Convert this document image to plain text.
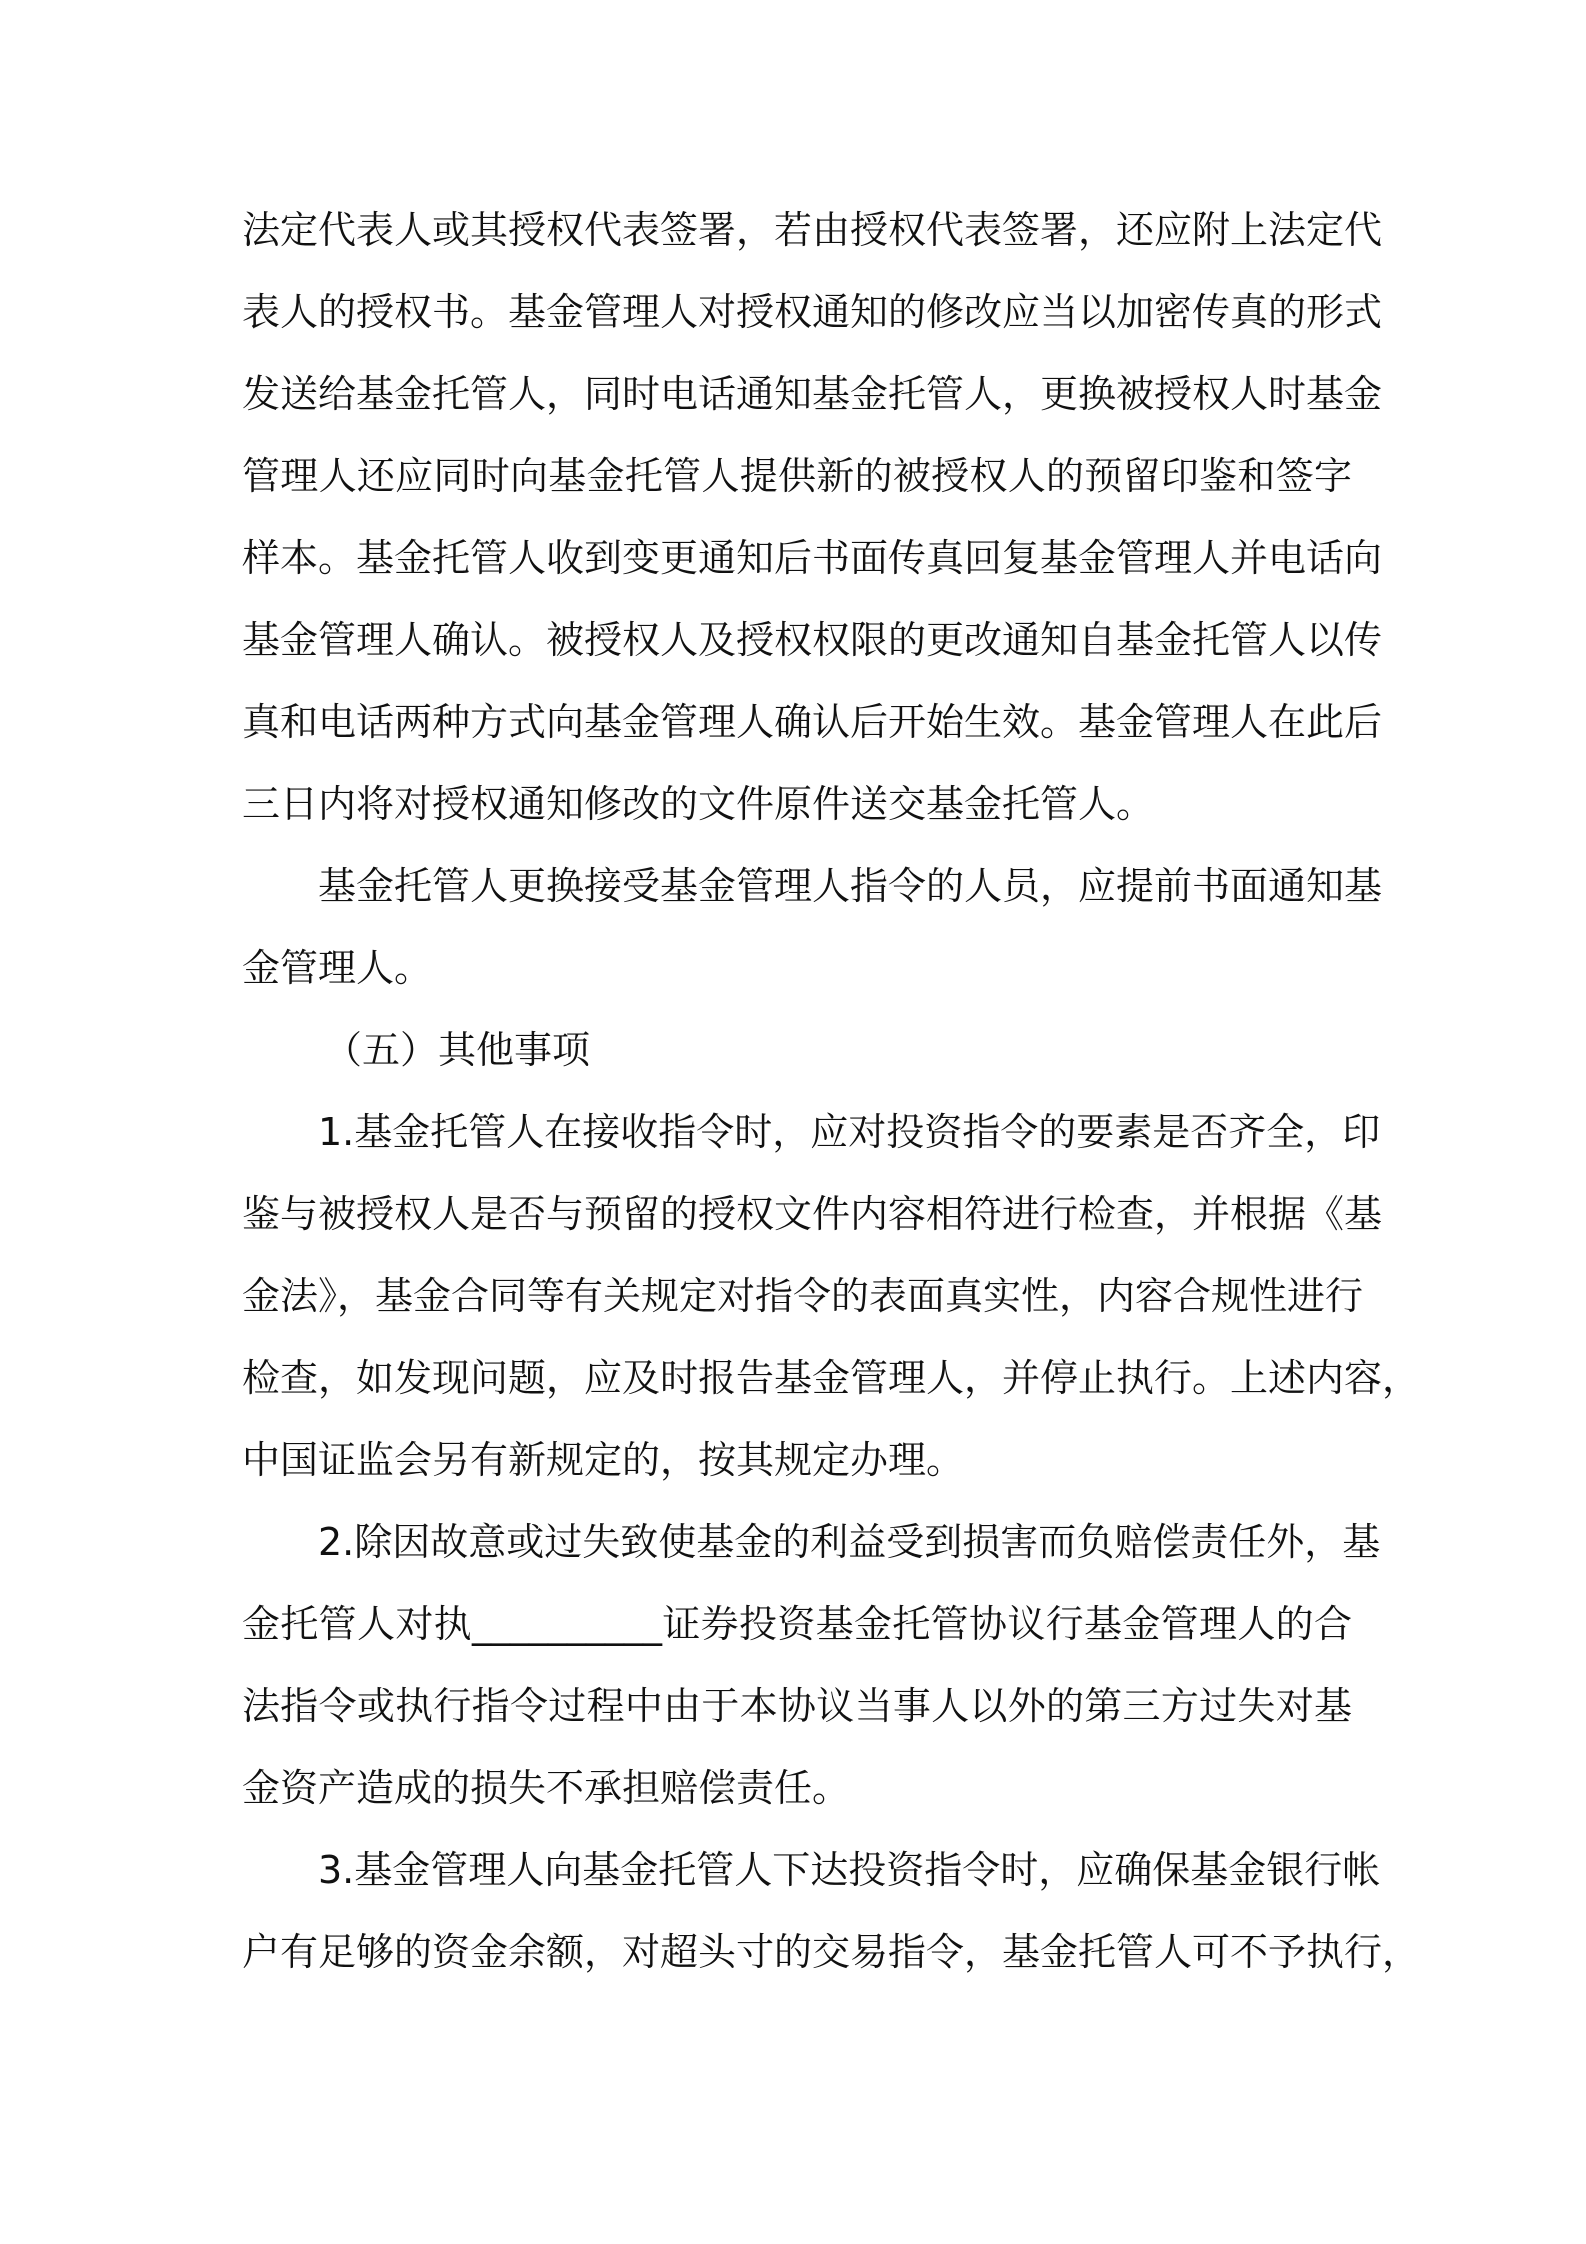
法定代表人或其授权代表签署，若由授权代表签署，还应附上法定代
表人的授权书。基金管理人对授权通知的修改应当以加密传真的形式
发送给基金托管人，同时电话通知基金托管人，更换被授权人时基金
管理人还应同时向基金托管人提供新的被授权人的预留印鉴和签字
样本。基金托管人收到变更通知后书面传真回复基金管理人并电话向
基金管理人确认。被授权人及授权权限的更改通知自基金托管人以传
真和电话两种方式向基金管理人确认后开始生效。基金管理人在此后
三日内将对授权通知修改的文件原件送交基金托管人。
基金托管人更换接受基金管理人指令的人员，应提前书面通知基
金管理人。
（五）其他事项
1.基金托管人在接收指令时，应对投资指令的要素是否齐全，印
鉴与被授权人是否与预留的授权文件内容相符进行检查，并根据《基
金法》，基金合同等有关规定对指令的表面真实性，内容合规性进行
检查，如发现问题，应及时报告基金管理人，并停止执行。上述内容，
中国证监会另有新规定的，按其规定办理。
2.除因故意或过失致使基金的利益受到损害而负赔偿责任外，基
金托管人对执__________证券投资基金托管协议行基金管理人的合
法指令或执行指令过程中由于本协议当事人以外的第三方过失对基
金资产造成的损失不承担赔偿责任。
3.基金管理人向基金托管人下达投资指令时，应确保基金银行帐
户有足够的资金余额，对超头寸的交易指令，基金托管人可不予执行，
